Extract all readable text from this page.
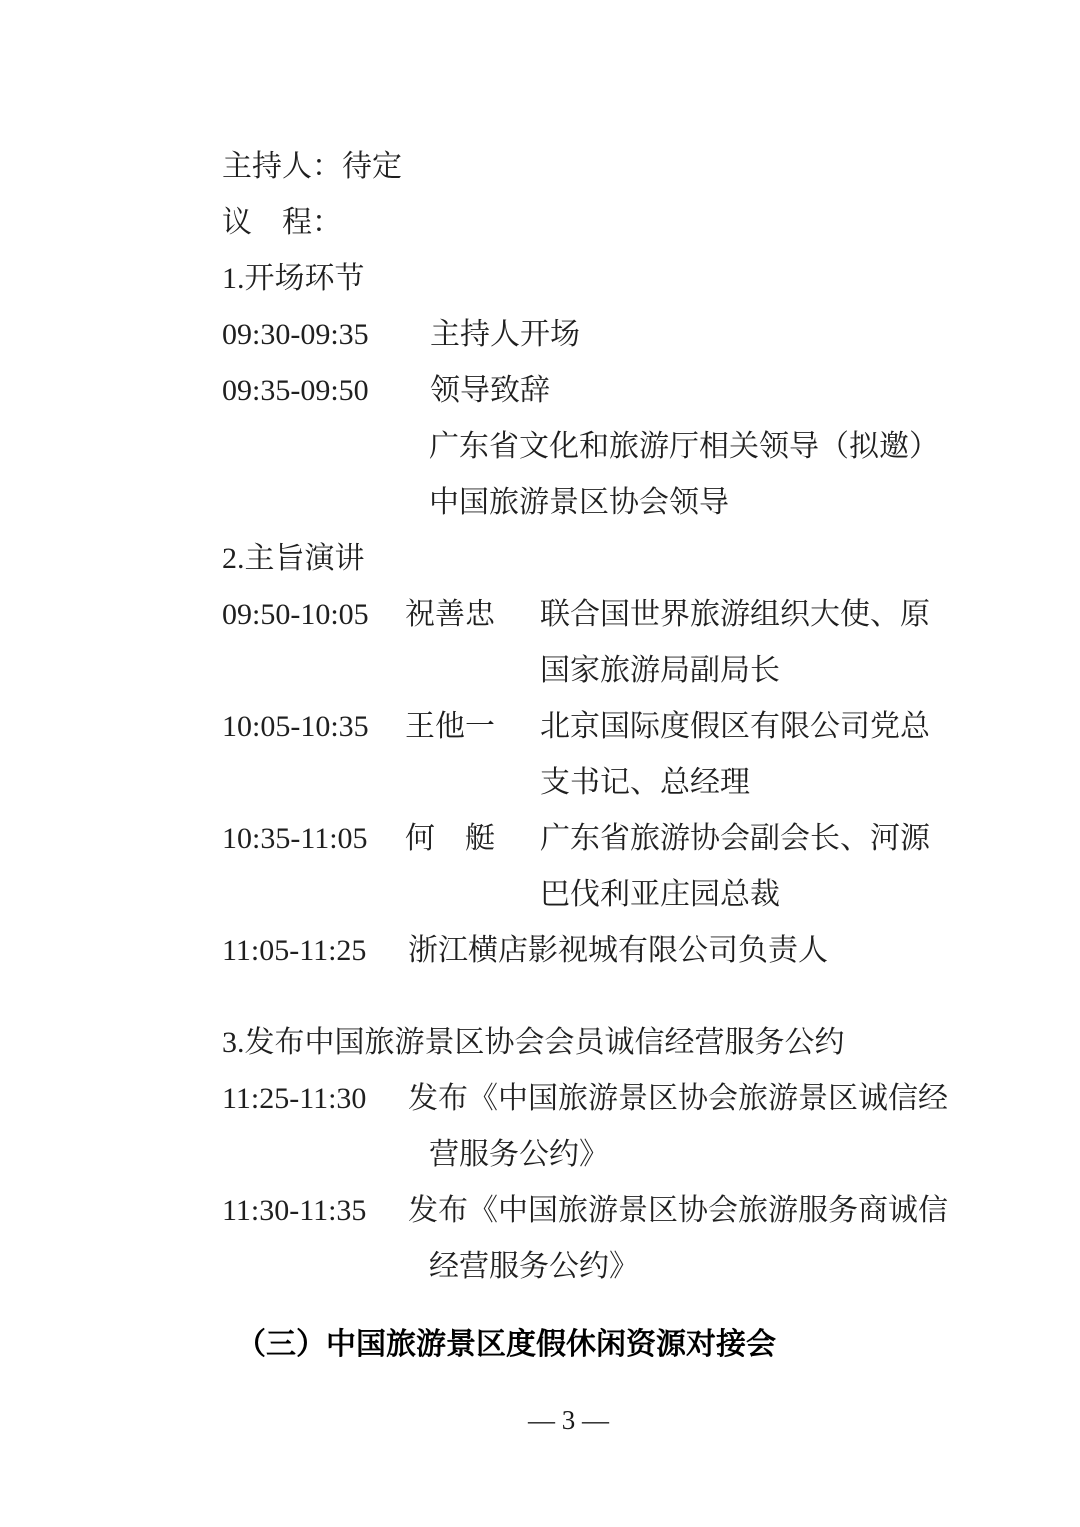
主持人：待定
议　程：
1.开场环节
09:30-09:35 主持人开场
09:35-09:50 领导致辞
广东省文化和旅游厅相关领导（拟邀）
中国旅游景区协会领导
2.主旨演讲
09:50-10:05 祝善忠 联合国世界旅游组织大使、原
国家旅游局副局长
10:05-10:35 王他一 北京国际度假区有限公司党总
支书记、总经理
10:35-11:05 何　艇 广东省旅游协会副会长、河源
巴伐利亚庄园总裁
11:05-11:25 浙江横店影视城有限公司负责人
3.发布中国旅游景区协会会员诚信经营服务公约
11:25-11:30 发布《中国旅游景区协会旅游景区诚信经
营服务公约》
11:30-11:35 发布《中国旅游景区协会旅游服务商诚信
经营服务公约》
（三）中国旅游景区度假休闲资源对接会
— 3 —
